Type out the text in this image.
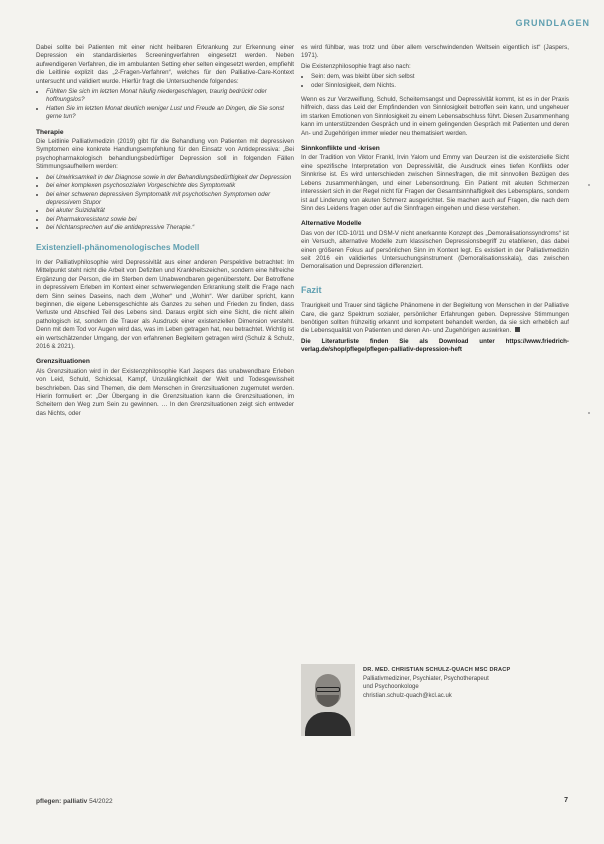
GRUNDLAGEN

Dabei sollte bei Patienten mit einer nicht heilbaren Erkrankung zur Erkennung einer Depression ein standardisiertes Screeningverfahren eingesetzt werden. Neben aufwendigeren Verfahren, die im ambulanten Setting eher selten eingesetzt werden, empfiehlt die Leitlinie explizit das „2-Fragen-Verfahren“, welches für den Palliative-Care-Kontext untersucht und validiert wurde. Hierfür fragt die Untersuchende folgendes:

• Fühlten Sie sich im letzten Monat häufig niedergeschlagen, traurig bedrückt oder hoffnungslos?
• Hatten Sie im letzten Monat deutlich weniger Lust und Freude an Dingen, die Sie sonst gerne tun?
Therapie

Die Leitlinie Palliativmedizin (2019) gibt für die Behandlung von Patienten mit depressiven Symptomen eine konkrete Handlungsempfehlung für den Einsatz von Antidepressiva: „Bei psychopharmakologisch behandlungsbedürftiger Depression soll in folgenden Fällen Stimmungsaufhellern werden:

• bei Unwirksamkeit in der Diagnose sowie in der Behandlungsbedürftigkeit der Depression
• bei einer komplexen psychosozialen Vorgeschichte des Symptomatik
• bei einer schweren depressiven Symptomatik mit psychotischen Symptomen oder depressivem Stupor
• bei akuter Suizidalität
• bei Pharmakoresistenz sowie bei
• bei Nichtansprechen auf die antidepressive Therapie.“
Existenziell-phänomenologisches Modell

In der Palliativphilosophie wird Depressivität aus einer anderen Perspektive betrachtet: Im Mittelpunkt steht nicht die Arbeit von Defiziten und Krankheitszeichen, sondern eine hilfreiche Ergänzung der Person, die im Sterben dem Unabwendbaren gegenübersteht. Der Betroffene in depressivem Erleben im Kontext einer schwerwiegenden Erkrankung stellt die Frage nach dem Sinn seines Daseins, nach dem „Woher“ und „Wohin“. Wer darüber spricht, kann beginnen, die eigene Lebensgeschichte als Ganzes zu sehen und Frieden zu finden, dass Verluste und Abschied Teil des Lebens sind. Daraus ergibt sich eine Sicht, die nicht allein pathologisch ist, sondern die Trauer als Ausdruck einer existenziellen Dimension versteht. Denn mit dem Tod vor Augen wird das, was im Leben getragen hat, neu betrachtet. Wichtig ist ein wertschätzender Umgang, der von erfahrenen Begleitern getragen wird (Schulz & Schulz, 2016 & 2021).

Grenzsituationen

Als Grenzsituation wird in der Existenzphilosophie Karl Jaspers das unabwendbare Erleben von Leid, Schuld, Schicksal, Kampf, Unzulänglichkeit der Welt und Todesgewissheit beschrieben. Das sind Themen, die dem Menschen in Grenzsituationen zugemutet werden. Hierin formuliert er: „Der Übergang in die Grenzsituation kann die Grenzsituationen, im Scheitern den Weg zum Sein zu gewinnen. … In den Grenzsituationen zeigt sich entweder das Nichts, oder

es wird fühlbar, was trotz und über allem verschwindenden Weltsein eigentlich ist“ (Jaspers, 1971).

Die Existenzphilosophie fragt also nach:

• Sein: dem, was bleibt über sich selbst
• oder Sinnlosigkeit, dem Nichts.

Wenn es zur Verzweiflung, Schuld, Scheiternsangst und Depressivität kommt, ist es in der Praxis hilfreich, dass das Leid der Empfindenden von Sinnlosigkeit betroffen sein kann, und ungeheuer im starken Emotionen von Sinnlosigkeit zu einem Lebensabschluss führt. Diesen Zusammenhang kann im unterstützenden Gespräch und in einem gelingenden Gespräch mit Patienten und deren An- und Zugehörigen immer wieder neu thematisiert werden.

Sinnkonflikte und -krisen

In der Tradition von Viktor Frankl, Irvin Yalom und Emmy van Deurzen ist die existenzielle Sicht eine spezifische Interpretation von Depressivität, die Ausdruck eines tiefen Konflikts oder Sinnkrise ist. Es wird unterschieden zwischen Sinnesfragen, die mit sinnvollen Bezügen des Lebens zusammenhängen, und einer Lebensordnung. Ein Patient mit akuten Schmerzen interessiert sich in der Regel nicht für Fragen der Gesamtsinnhaftigkeit des Lebensplans, sondern ist auf Linderung von akuten Schmerz ausgerichtet. Sie machen auch auf Fragen, die nach dem Sinn des Leidens fragen oder auf die Sinnfragen eingehen und diese verstehen.

Alternative Modelle

Das von der ICD-10/11 und DSM-V nicht anerkannte Konzept des „Demoralisationssyndroms“ ist ein Versuch, alternative Modelle zum klassischen Depressionsbegriff zu etablieren, das dabei einen größeren Fokus auf persönlichen Sinn im Kontext legt. Es existiert in der Palliativmedizin seit 2016 ein validiertes Untersuchungsinstrument (Demoralisationsskala), das zwischen Demoralisation und Depression differenziert.

Fazit

Traurigkeit und Trauer sind tägliche Phänomene in der Begleitung von Menschen in der Palliative Care, die ganz Spektrum sozialer, persönlicher Erfahrungen geben. Depressive Stimmungen benötigen sollten frühzeitig erkannt und kompetent behandelt werden, da sie sich erheblich auf die Lebensqualität von Patienten und deren An- und Zugehörigen auswirken.

Die Literaturliste finden Sie als Download unter https://www.friedrich-verlag.de/shop/pflege/pflegen-palliativ-depression-heft

DR. MED. CHRISTIAN SCHULZ-QUACH MSC DRACP
Palliativmediziner, Psychiater, Psychotherapeut
und Psychoonkologe
christian.schulz-quach@kcl.ac.uk
pflegen: palliativ 54/2022	7
